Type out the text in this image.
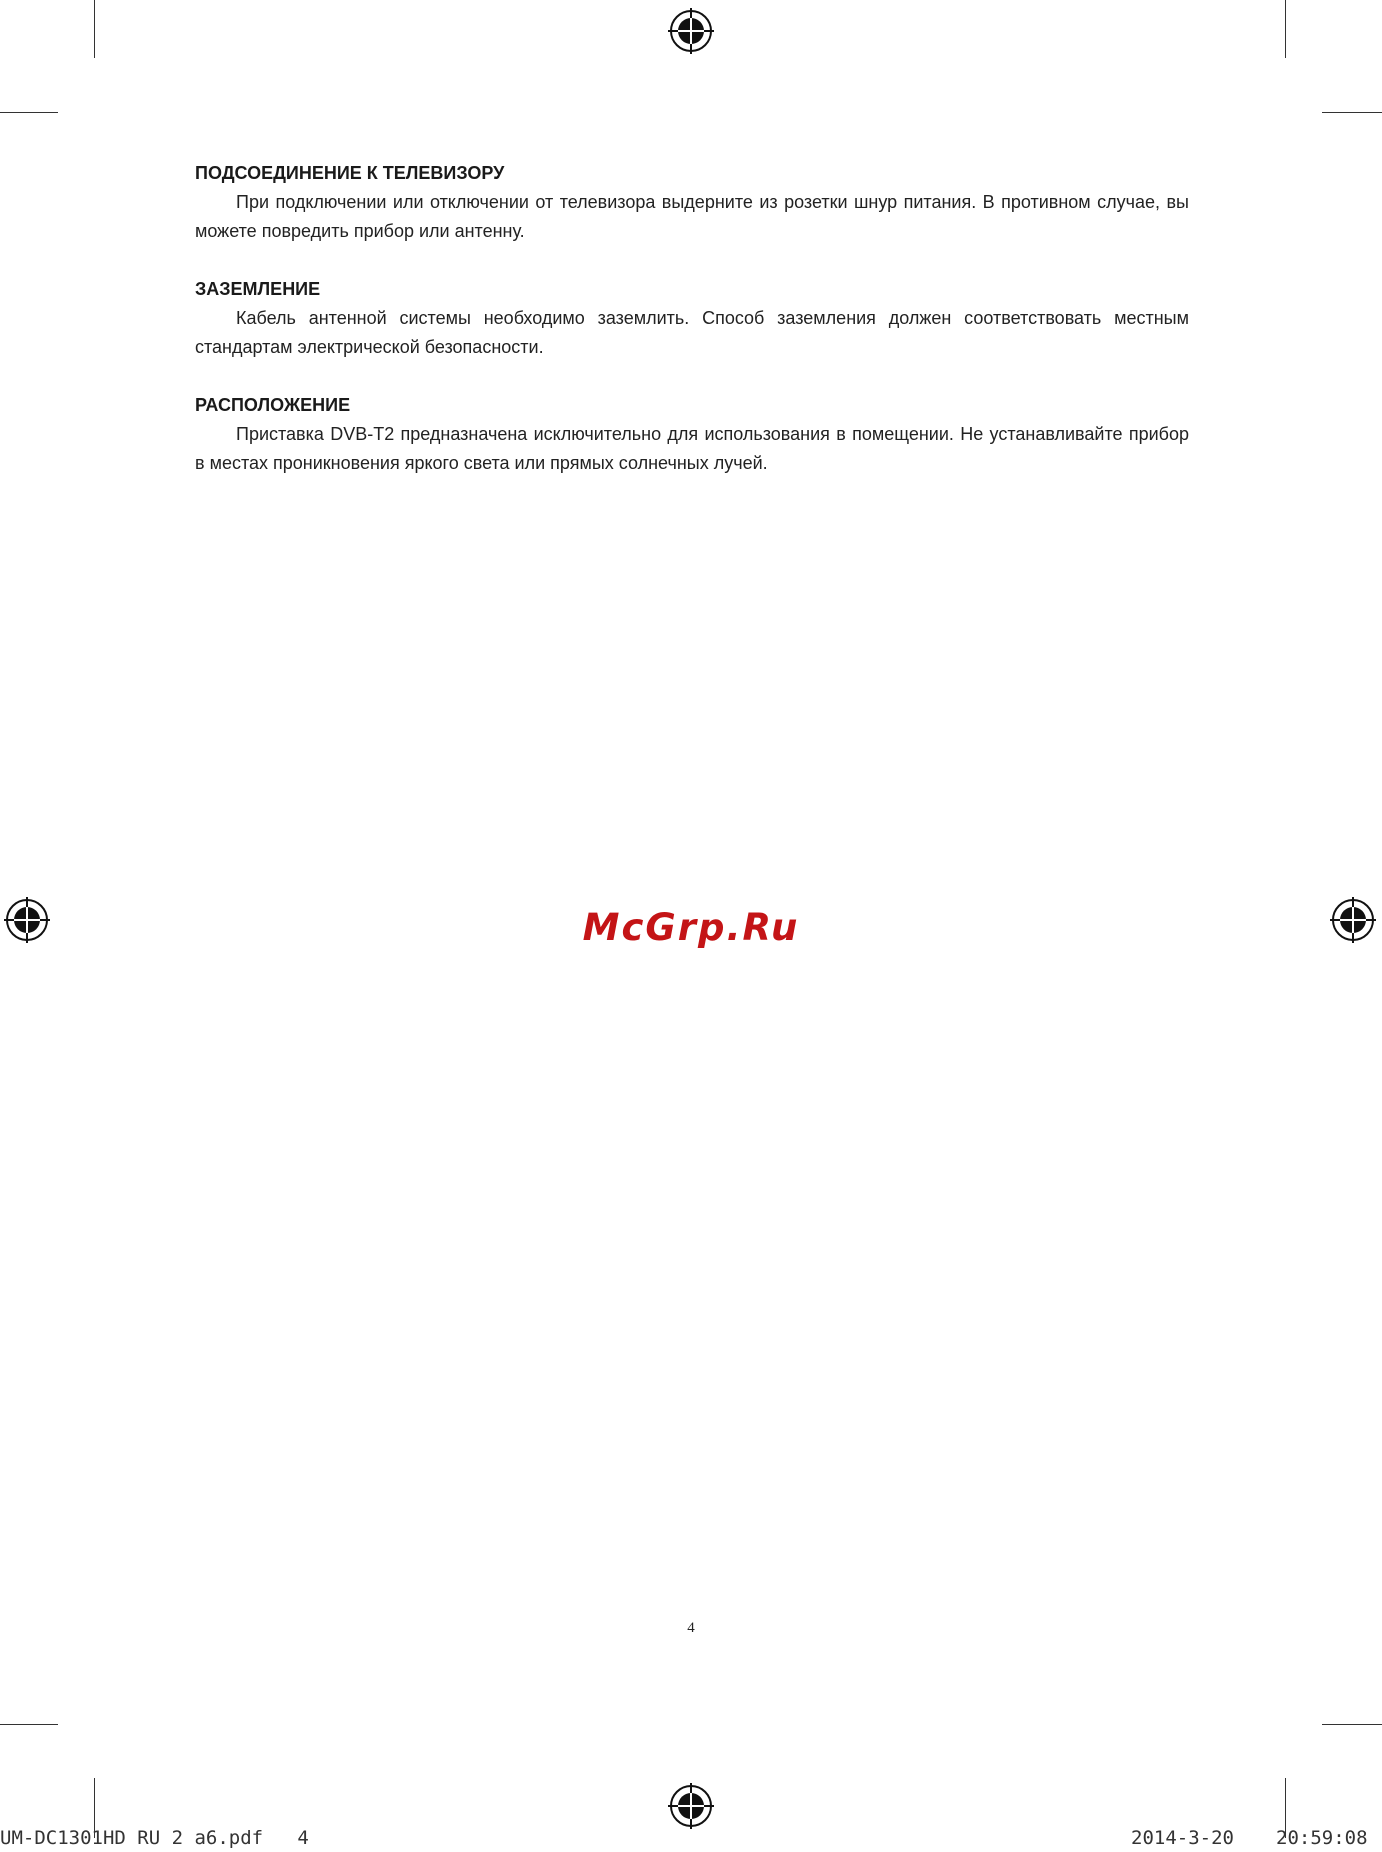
ПОДСОЕДИНЕНИЕ К ТЕЛЕВИЗОРУ

При подключении или отключении от телевизора выдерните из розетки шнур питания. В противном случае, вы можете повредить прибор или антенну.

ЗАЗЕМЛЕНИЕ

Кабель антенной системы необходимо заземлить. Способ заземления должен соответствовать местным стандартам электрической безопасности.

РАСПОЛОЖЕНИЕ

Приставка DVB-T2 предназначена исключительно для использования в помещении. Не устанавливайте прибор в местах проникновения яркого света или прямых солнечных лучей.

McGrp.Ru
4
UM-DC1301HD RU 2 a6.pdf   4	2014-3-20 20:59:08
